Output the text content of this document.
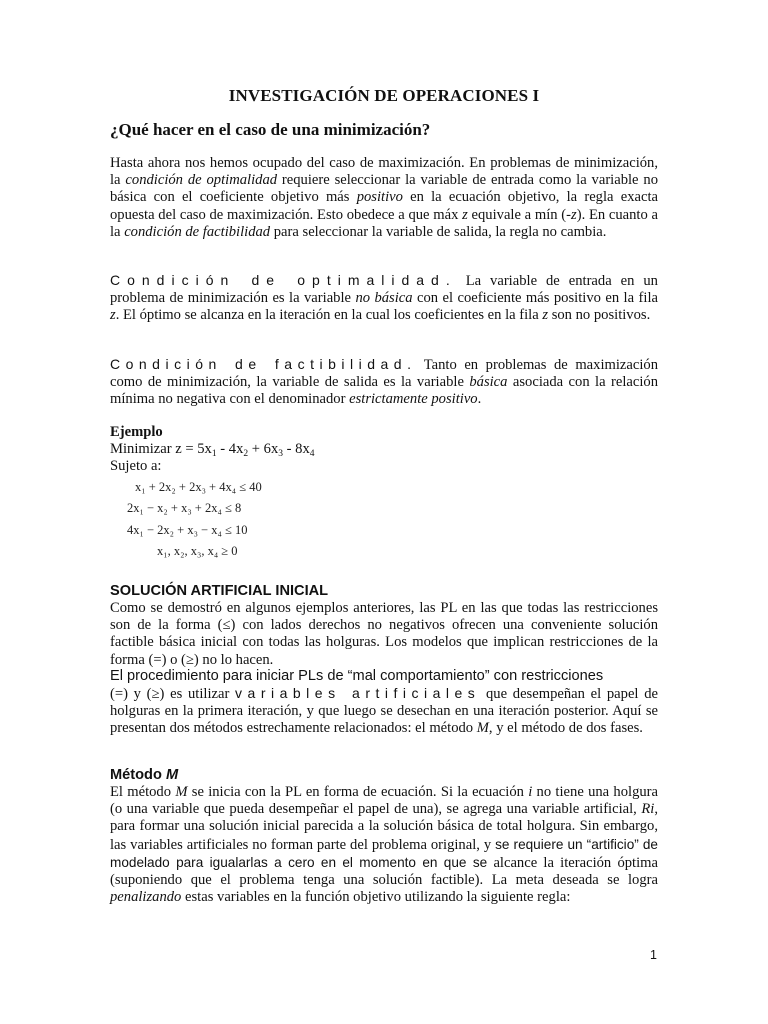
INVESTIGACIÓN DE OPERACIONES I
¿Qué hacer en el caso de una minimización?

Hasta ahora nos hemos ocupado del caso de maximización. En problemas de minimización, la condición de optimalidad requiere seleccionar la variable de entrada como la variable no básica con el coeficiente objetivo más positivo en la ecuación objetivo, la regla exacta opuesta del caso de maximización. Esto obedece a que máx z equivale a mín (-z). En cuanto a la condición de factibilidad para seleccionar la variable de salida, la regla no cambia.

Condición de optimalidad. La variable de entrada en un problema de minimización es la variable no básica con el coeficiente más positivo en la fila z. El óptimo se alcanza en la iteración en la cual los coeficientes en la fila z son no positivos.

Condición de factibilidad. Tanto en problemas de maximización como de minimización, la variable de salida es la variable básica asociada con la relación mínima no negativa con el denominador estrictamente positivo.

Ejemplo
Minimizar $z = 5x_1 - 4x_2 + 6x_3 - 8x_4$
Sujeto a:
x₁ + 2x₂ + 2x₃ + 4x₄ ≤ 40
2x₁ − x₂ + x₃ + 2x₄ ≤ 8
4x₁ − 2x₂ + x₃ − x₄ ≤ 10
x₁, x₂, x₃, x₄ ≥ 0
SOLUCIÓN ARTIFICIAL INICIAL

Como se demostró en algunos ejemplos anteriores, las PL en las que todas las restricciones son de la forma (≤) con lados derechos no negativos ofrecen una conveniente solución factible básica inicial con todas las holguras. Los modelos que implican restricciones de la forma (=) o (≥) no lo hacen.

El procedimiento para iniciar PLs de “mal comportamiento” con restricciones

(=) y (≥) es utilizar variables artificiales que desempeñan el papel de holguras en la primera iteración, y que luego se desechan en una iteración posterior. Aquí se presentan dos métodos estrechamente relacionados: el método M, y el método de dos fases.

Método M

El método M se inicia con la PL en forma de ecuación. Si la ecuación i no tiene una holgura (o una variable que pueda desempeñar el papel de una), se agrega una variable artificial, Ri, para formar una solución inicial parecida a la solución básica de total holgura. Sin embargo, las variables artificiales no forman parte del problema original, y se requiere un “artificio” de modelado para igualarlas a cero en el momento en que se alcance la iteración óptima (suponiendo que el problema tenga una solución factible). La meta deseada se logra penalizando estas variables en la función objetivo utilizando la siguiente regla:

1
